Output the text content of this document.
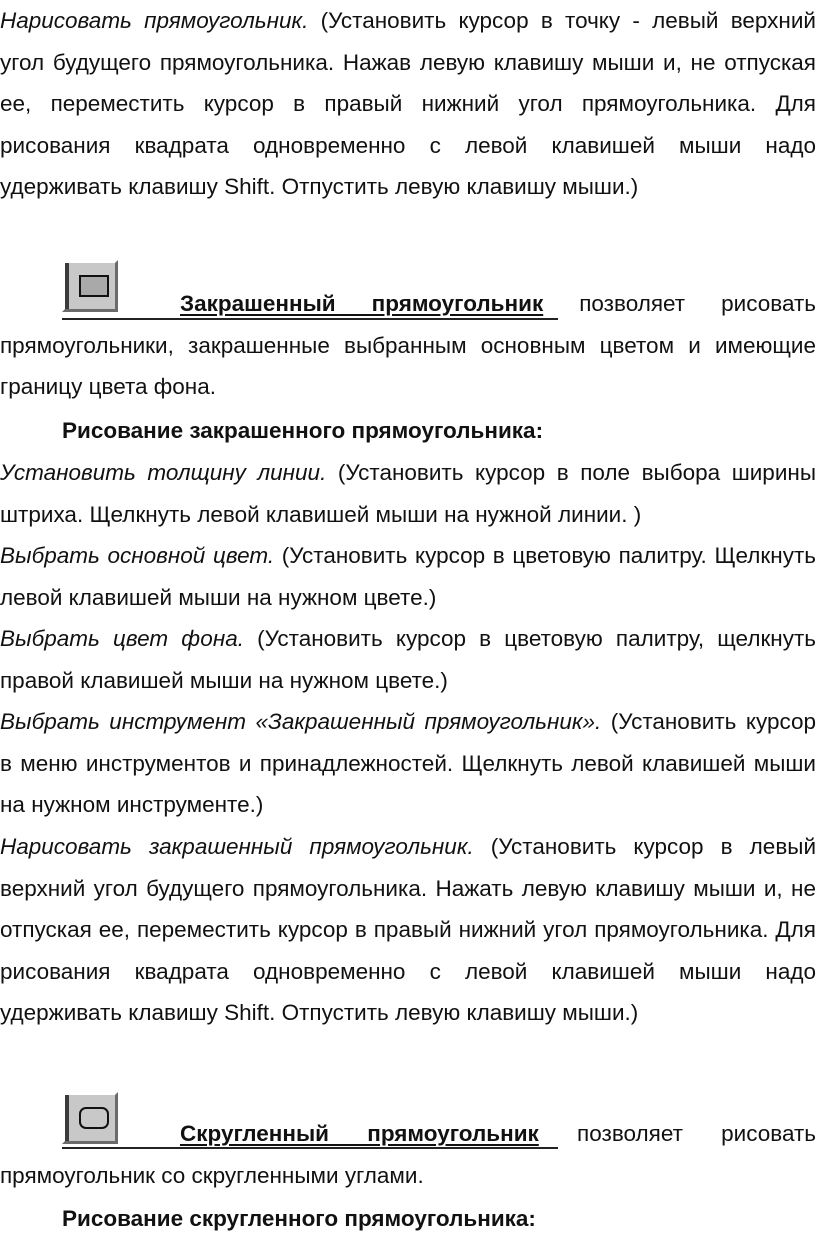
Нарисовать прямоугольник. (Установить курсор в точку - левый верхний угол будущего прямоугольника. Нажав левую клавишу мыши и, не отпуская ее, переместить курсор в правый нижний угол прямоугольника. Для рисования квадрата одновременно с левой клавишей мыши надо удерживать клавишу Shift. Отпустить левую клавишу мыши.)

Закрашенный прямоугольник позволяет рисовать прямоугольники, закрашенные выбранным основным цветом и имеющие границу цвета фона.

Рисование закрашенного прямоугольника:

Установить толщину линии. (Установить курсор в поле выбора ширины штриха. Щелкнуть левой клавишей мыши на нужной линии. )

Выбрать основной цвет. (Установить курсор в цветовую палитру. Щелкнуть левой клавишей мыши на нужном цвете.)

Выбрать цвет фона. (Установить курсор в цветовую палитру, щелкнуть правой клавишей мыши на нужном цвете.)

Выбрать инструмент «Закрашенный прямоугольник». (Установить курсор в меню инструментов и принадлежностей. Щелкнуть левой клавишей мыши на нужном инструменте.)

Нарисовать закрашенный прямоугольник. (Установить курсор в левый верхний угол будущего прямоугольника. Нажать левую клавишу мыши и, не отпуская ее, переместить курсор в правый нижний угол прямоугольника. Для рисования квадрата одновременно с левой клавишей мыши надо удерживать клавишу Shift. Отпустить левую клавишу мыши.)

Скругленный прямоугольник позволяет рисовать прямоугольник со скругленными углами.

Рисование скругленного прямоугольника:
